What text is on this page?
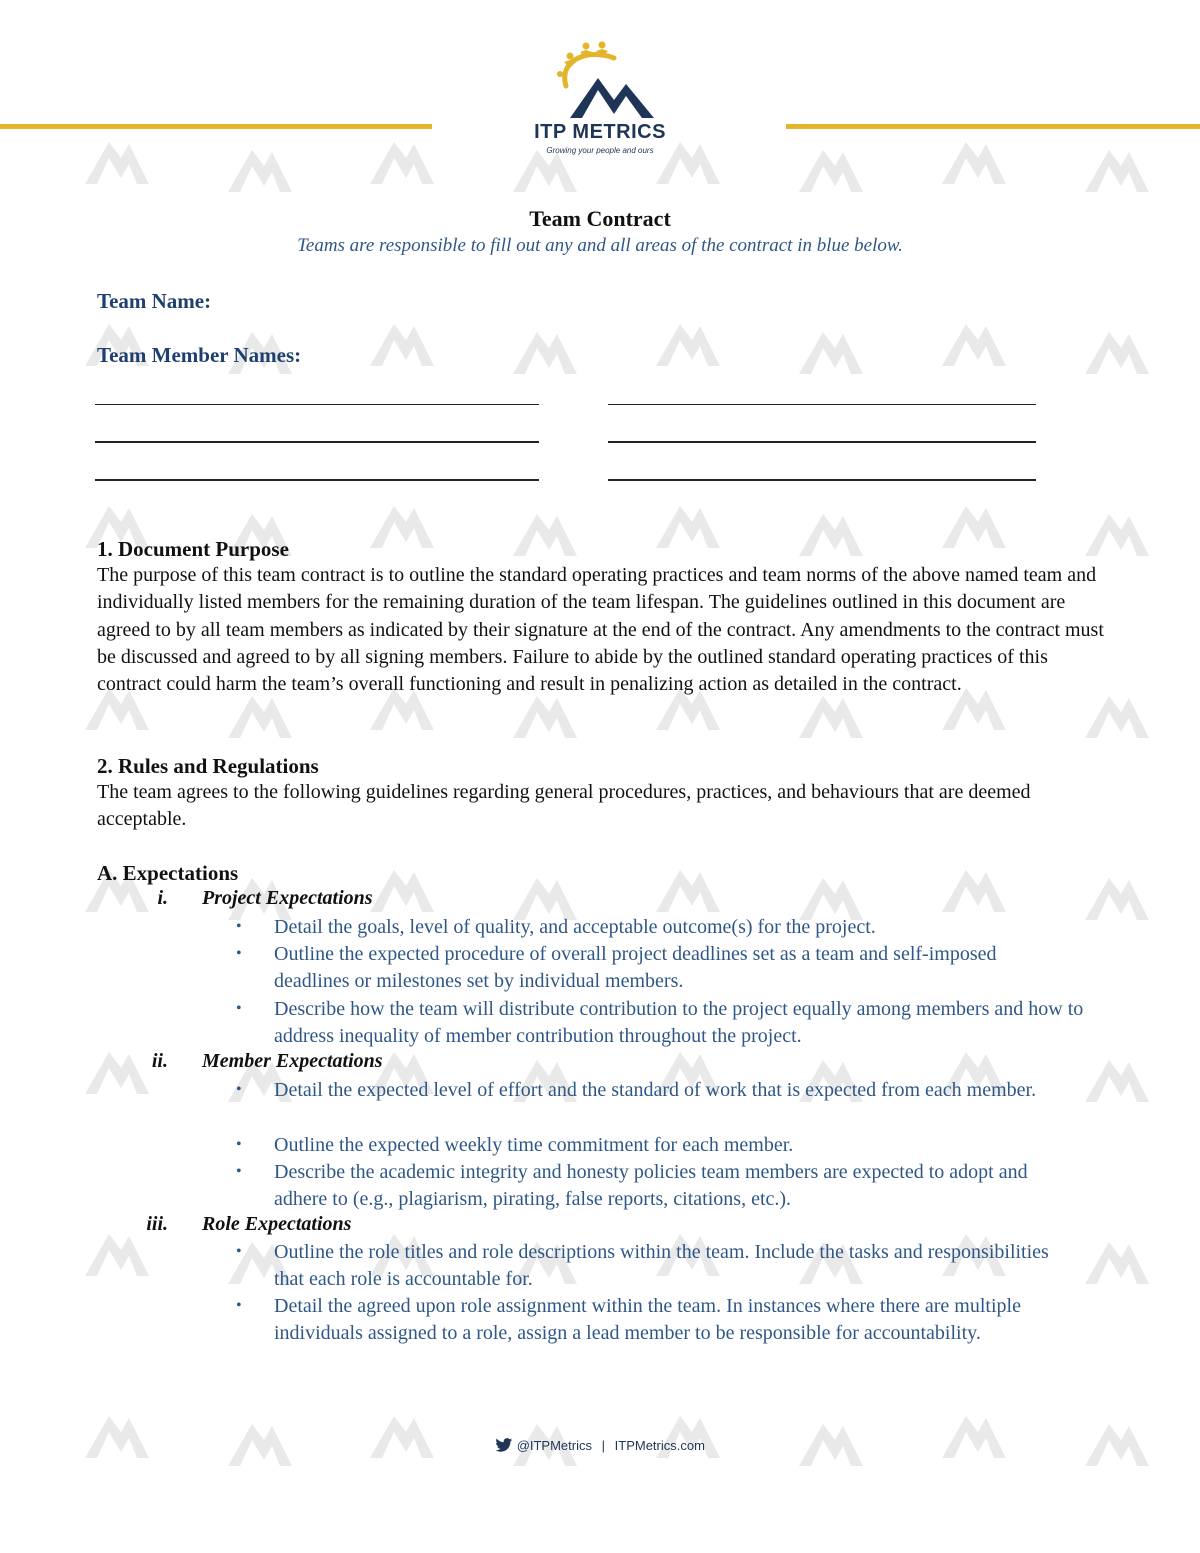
ITP METRICS
Growing your people and ours
Team Contract
Teams are responsible to fill out any and all areas of the contract in blue below.
Team Name:
Team Member Names:
1. Document Purpose

The purpose of this team contract is to outline the standard operating practices and team norms of the above named team and individually listed members for the remaining duration of the team lifespan. The guidelines outlined in this document are agreed to by all team members as indicated by their signature at the end of the contract. Any amendments to the contract must be discussed and agreed to by all signing members. Failure to abide by the outlined standard operating practices of this contract could harm the team’s overall functioning and result in penalizing action as detailed in the contract.

2. Rules and Regulations

The team agrees to the following guidelines regarding general procedures, practices, and behaviours that are deemed acceptable.

A. Expectations
i. Project Expectations
• Detail the goals, level of quality, and acceptable outcome(s) for the project.

• Outline the expected procedure of overall project deadlines set as a team and self-imposed deadlines or milestones set by individual members.

• Describe how the team will distribute contribution to the project equally among members and how to address inequality of member contribution throughout the project.

ii. Member Expectations
• Detail the expected level of effort and the standard of work that is expected from each member.

• Outline the expected weekly time commitment for each member.

• Describe the academic integrity and honesty policies team members are expected to adopt and adhere to (e.g., plagiarism, pirating, false reports, citations, etc.).

iii. Role Expectations
• Outline the role titles and role descriptions within the team. Include the tasks and responsibilities that each role is accountable for.

• Detail the agreed upon role assignment within the team. In instances where there are multiple individuals assigned to a role, assign a lead member to be responsible for accountability.

@ITPMetrics | ITPMetrics.com
